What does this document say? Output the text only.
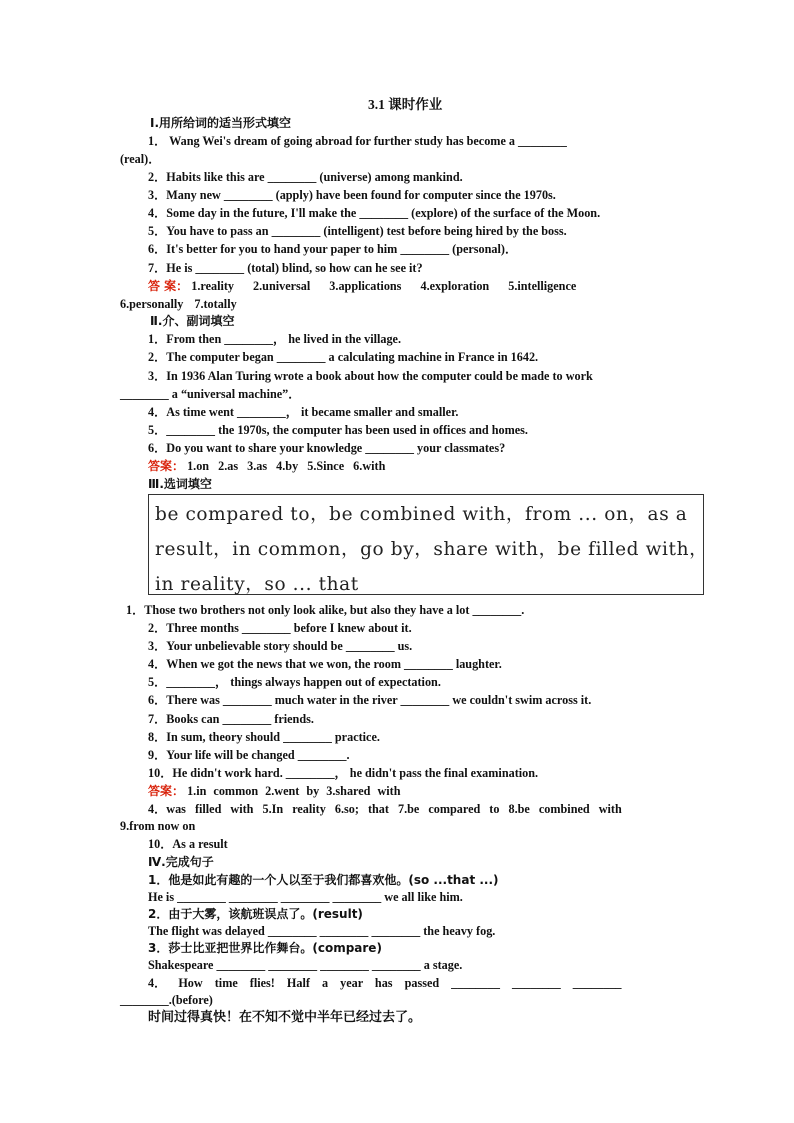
3.1 课时作业
Ⅰ.用所给词的适当形式填空
1． Wang Wei's dream of going abroad for further study has become a ________
(real)．
2．Habits like this are ________ (universe) among mankind.
3．Many new ________ (apply) have been found for computer since the 1970s.
4．Some day in the future, I'll make the ________ (explore) of the surface of the Moon.
5．You have to pass an ________ (intelligent) test before being hired by the boss.
6．It's better for you to hand your paper to him ________ (personal)．
7．He is ________ (total) blind, so how can he see it?
答 案： 1.reality 2.universal 3.applications 4.exploration 5.intelligence
6.personally 7.totally
Ⅱ.介、副词填空
1．From then ________， he lived in the village.
2．The computer began ________ a calculating machine in France in 1642.
3．In 1936 Alan Turing wrote a book about how the computer could be made to work
________ a “universal machine”．
4．As time went ________， it became smaller and smaller.
5．________ the 1970s, the computer has been used in offices and homes.
6．Do you want to share your knowledge ________ your classmates?
答案： 1.on 2.as 3.as 4.by 5.Since 6.with
Ⅲ.选词填空
be compared to，be combined with，from ... on，as a
result，in common，go by，share with，be filled with，
in reality，so ... that
1．Those two brothers not only look alike, but also they have a lot ________.
2．Three months ________ before I knew about it.
3．Your unbelievable story should be ________ us.
4．When we got the news that we won, the room ________ laughter.
5．________， things always happen out of expectation.
6．There was ________ much water in the river ________ we couldn't swim across it.
7．Books can ________ friends.
8．In sum, theory should ________ practice.
9．Your life will be changed ________.
10．He didn't work hard. ________， he didn't pass the final examination.
答案： 1.in common 2.went by 3.shared with
4．was filled with 5.In reality 6.so; that 7.be compared to 8.be combined with
9.from now on
10．As a result
Ⅳ.完成句子
1．他是如此有趣的一个人以至于我们都喜欢他。(so ...that ...)
He is ________ ________ ________ ________ we all like him.
2．由于大雾，该航班误点了。(result)
The flight was delayed ________ ________ ________ the heavy fog.
3．莎士比亚把世界比作舞台。(compare)
Shakespeare ________ ________ ________ ________ a stage.
4． How time flies! Half a year has passed ________ ________ ________
________.(before)
时间过得真快！在不知不觉中半年已经过去了。
